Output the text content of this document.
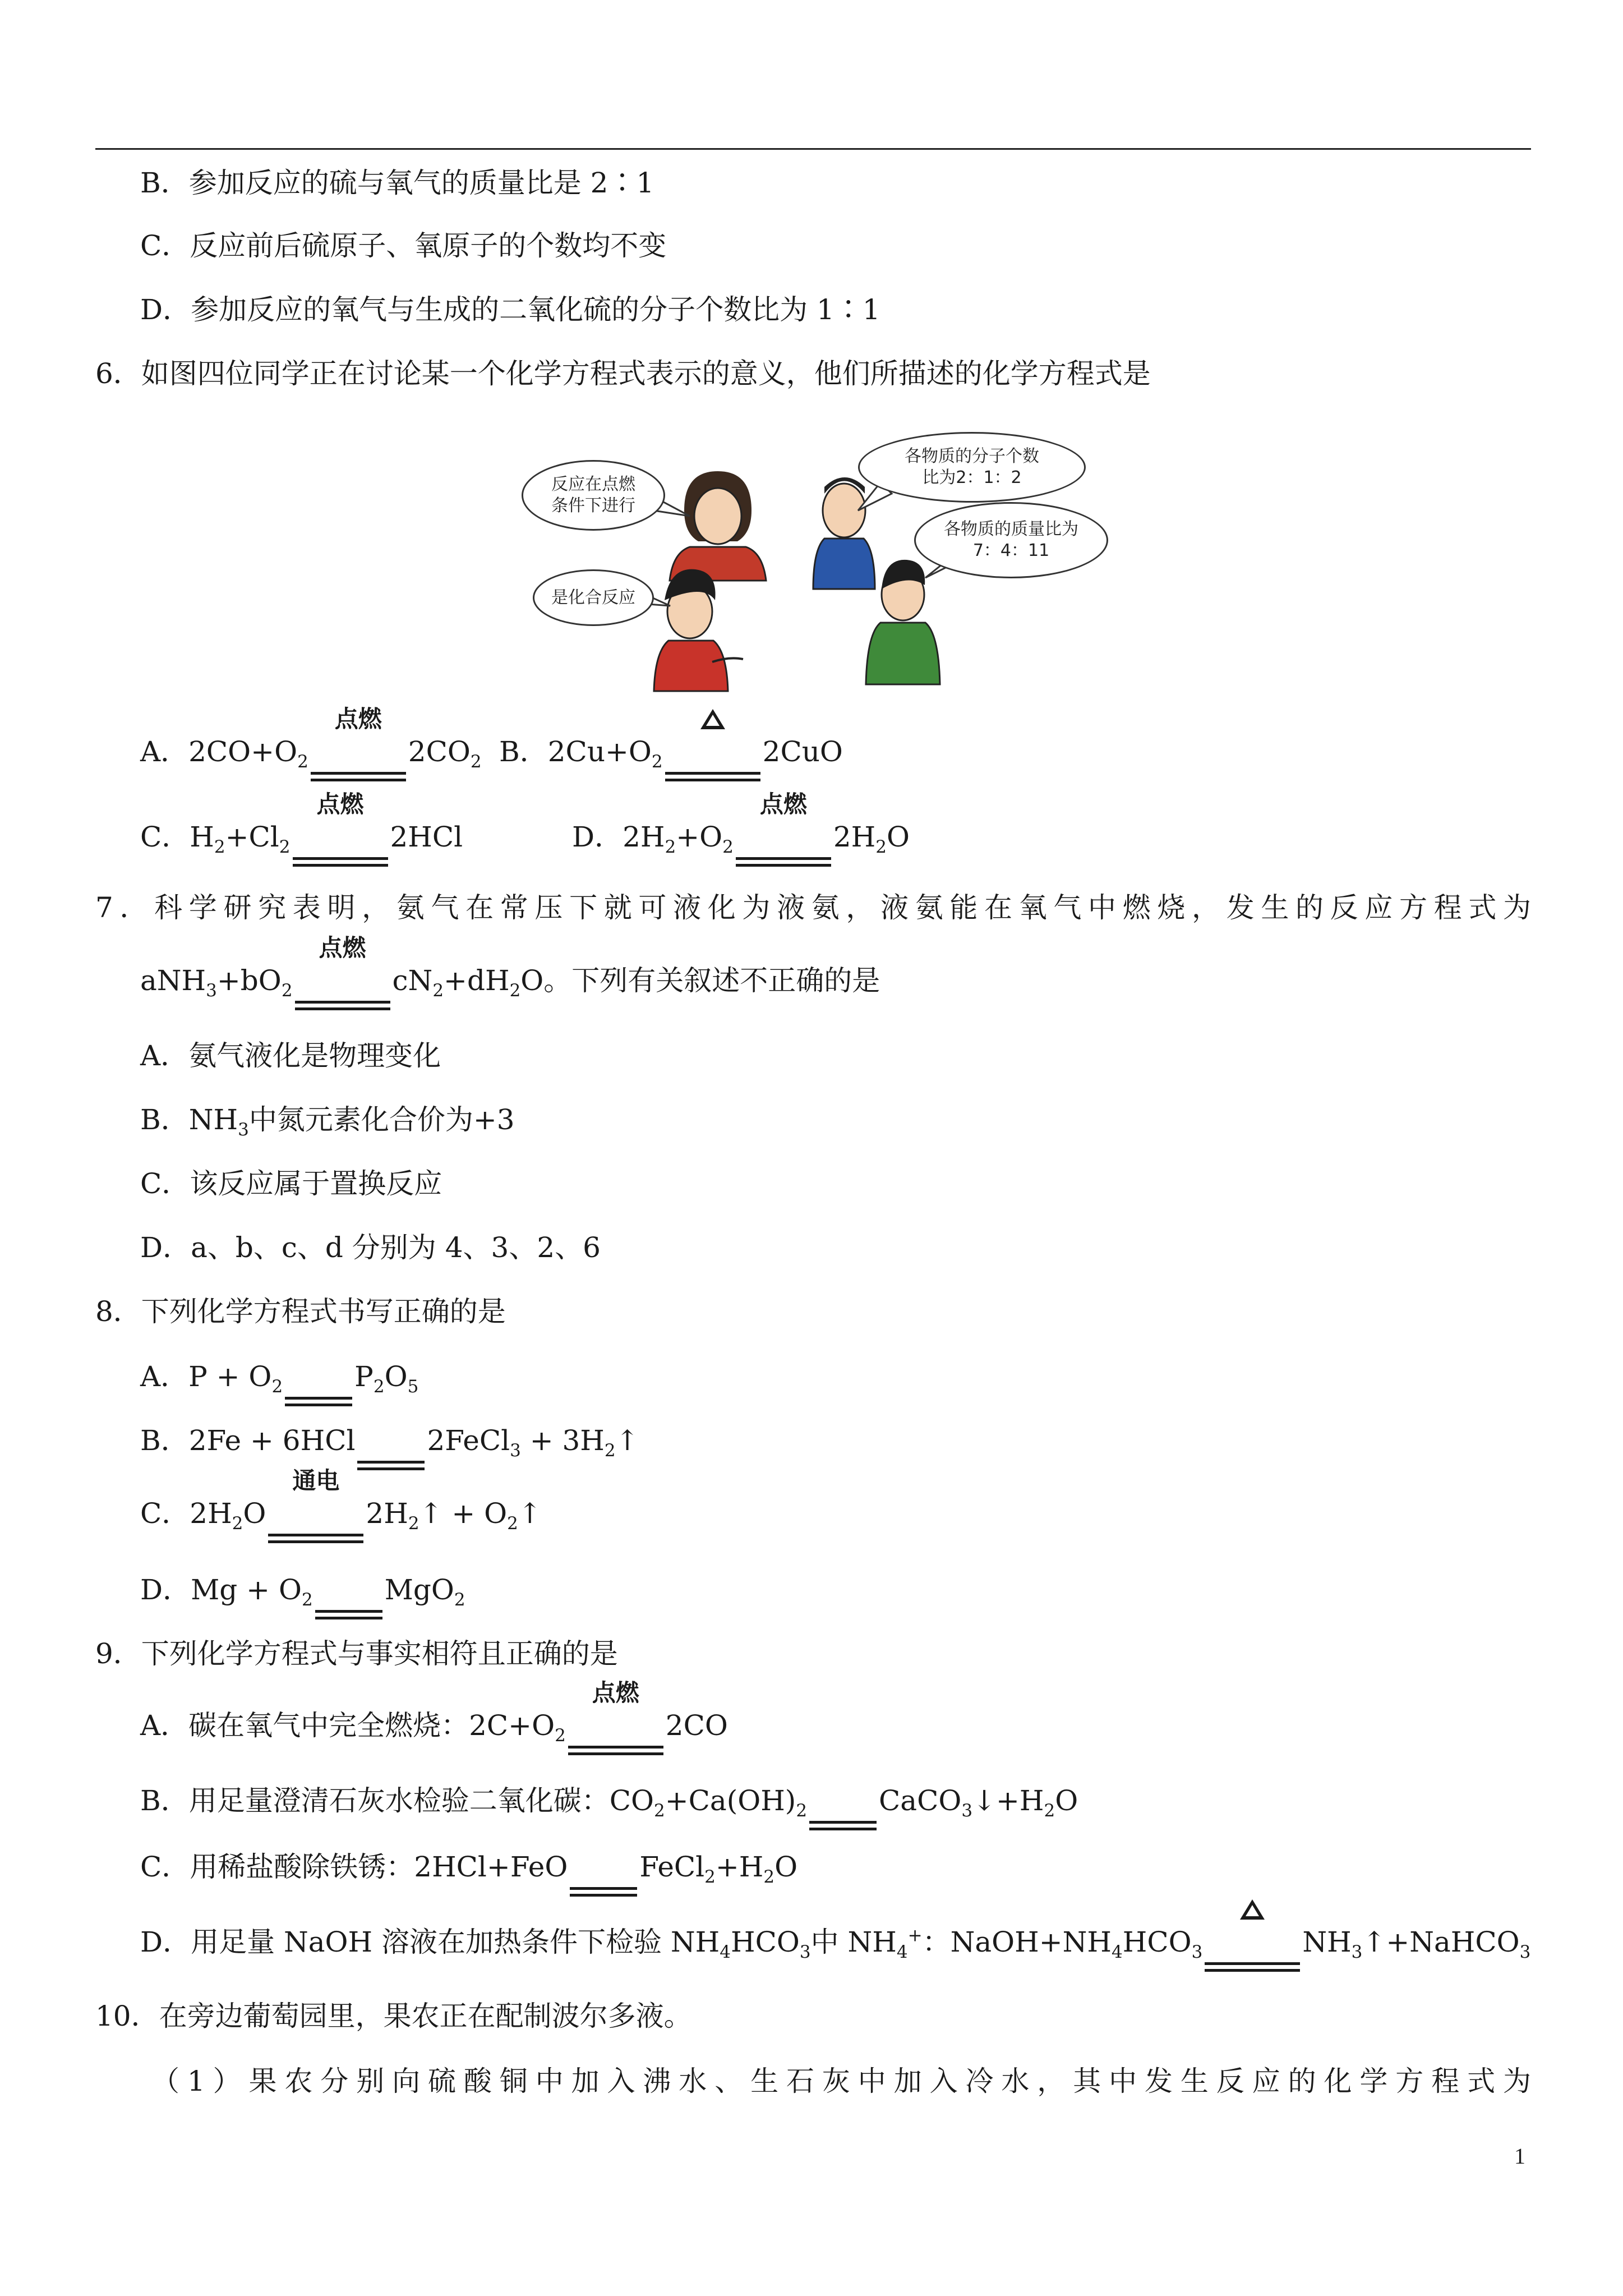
B．参加反应的硫与氧气的质量比是 2∶1
C．反应前后硫原子、氧原子的个数均不变
D．参加反应的氧气与生成的二氧化硫的分子个数比为 1∶1
6．如图四位同学正在讨论某一个化学方程式表示的意义，他们所描述的化学方程式是
反应在点燃
条件下进行
各物质的分子个数
比为2：1：2
各物质的质量比为
7：4：11
是化合反应
A．$2CO+O_2$
点燃
$2CO_2$ B．$2Cu+O_2$	2CuO
C．$H_2+Cl_2$
点燃
2HCl	D．$2H_2+O_2$
点燃
$2H_2O$
7．科学研究表明，氨气在常压下就可液化为液氨，液氨能在氧气中燃烧，发生的反应方程式为
$aNH_3+bO_2$
点燃
$cN_2+dH_2O$。下列有关叙述不正确的是
A．氨气液化是物理变化
B．$NH_3$中氮元素化合价为+3
C．该反应属于置换反应
D．a、b、c、d 分别为 4、3、2、6
8．下列化学方程式书写正确的是
A．$P + O_2$	$P_2O_5$
B．2Fe + 6HCl	2FeCl$_3$ + $3H_2↑$
C．$2H_2O$
通电
$2H_2↑$ + $O_2↑$
D．$Mg + O_2$	MgO$_2$
9．下列化学方程式与事实相符且正确的是
A．碳在氧气中完全燃烧：$2C+O_2$
点燃
2CO
B．用足量澄清石灰水检验二氧化碳：$CO_2+Ca(OH)_2$	$CaCO_3↓+H_2O$
C．用稀盐酸除铁锈：2HCl+FeO	$FeCl_2+H_2O$
D．用足量 NaOH 溶液在加热条件下检验 $NH_4HCO_3$中 $NH_4^+$：$NaOH+NH_4HCO_3$	$NH_3↑+NaHCO_3$
10．在旁边葡萄园里，果农正在配制波尔多液。
（1）果农分别向硫酸铜中加入沸水、生石灰中加入冷水，其中发生反应的化学方程式为
1
